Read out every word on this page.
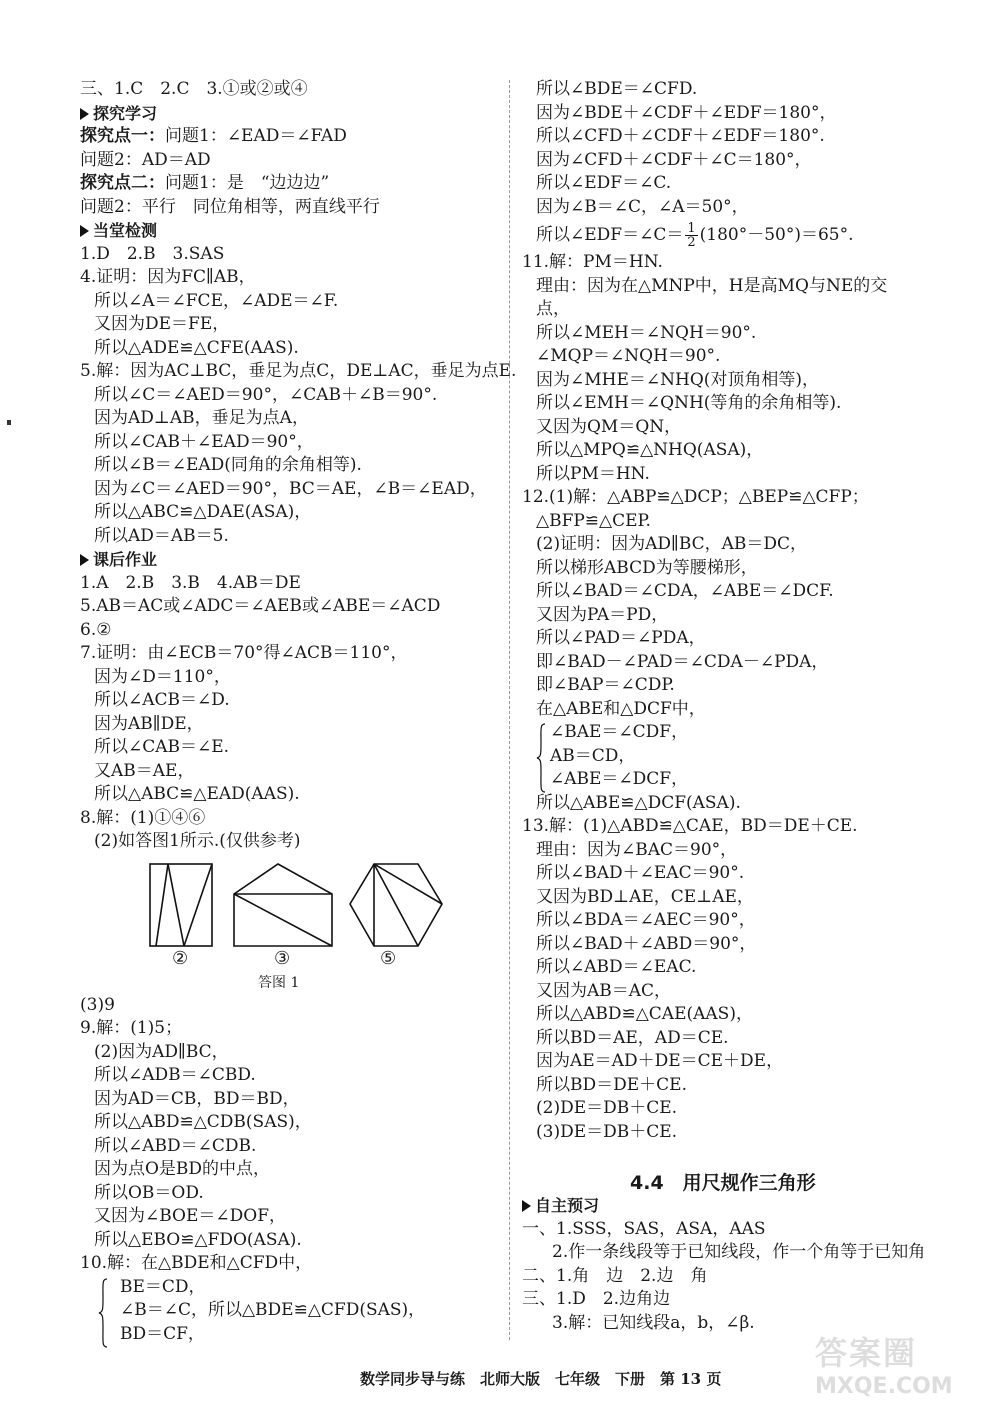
三、1.C　2.C　3.①或②或④
探究学习
探究点一：问题1：∠EAD＝∠FAD
问题2：AD＝AD
探究点二：问题1：是　“边边边”
问题2：平行　同位角相等，两直线平行
当堂检测
1.D　2.B　3.SAS
4.证明：因为FC∥AB，
所以∠A＝∠FCE，∠ADE＝∠F.
又因为DE＝FE，
所以△ADE≌△CFE(AAS).
5.解：因为AC⊥BC，垂足为点C，DE⊥AC，垂足为点E.
所以∠C＝∠AED＝90°，∠CAB＋∠B＝90°.
因为AD⊥AB，垂足为点A，
所以∠CAB＋∠EAD＝90°，
所以∠B＝∠EAD(同角的余角相等).
因为∠C＝∠AED＝90°，BC＝AE，∠B＝∠EAD，
所以△ABC≌△DAE(ASA)，
所以AD＝AB＝5.
课后作业
1.A　2.B　3.B　4.AB＝DE
5.AB＝AC或∠ADC＝∠AEB或∠ABE＝∠ACD
6.②
7.证明：由∠ECB＝70°得∠ACB＝110°，
因为∠D＝110°，
所以∠ACB＝∠D.
因为AB∥DE，
所以∠CAB＝∠E.
又AB＝AE，
所以△ABC≌△EAD(AAS).
8.解：(1)①④⑥
(2)如答图1所示.(仅供参考)
②	③	⑤
答图 1
(3)9
9.解：(1)5；
(2)因为AD∥BC，
所以∠ADB＝∠CBD.
因为AD＝CB，BD＝BD，
所以△ABD≌△CDB(SAS)，
所以∠ABD＝∠CDB.
因为点O是BD的中点，
所以OB＝OD.
又因为∠BOE＝∠DOF，
所以△EBO≌△FDO(ASA).
10.解：在△BDE和△CFD中，
BE＝CD，
∠B＝∠C，所以△BDE≌△CFD(SAS)，
BD＝CF，
所以∠BDE＝∠CFD.
因为∠BDE＋∠CDF＋∠EDF＝180°，
所以∠CFD＋∠CDF＋∠EDF＝180°.
因为∠CFD＋∠CDF＋∠C＝180°，
所以∠EDF＝∠C.
因为∠B＝∠C，∠A＝50°，
所以∠EDF＝∠C＝ $\frac{1}{2} (180^\circ-50^\circ)=65^\circ$.
11.解：PM＝HN.
理由：因为在△MNP中，H是高MQ与NE的交
点，
所以∠MEH＝∠NQH＝90°.
∠MQP＝∠NQH＝90°.
因为∠MHE＝∠NHQ(对顶角相等)，
所以∠EMH＝∠QNH(等角的余角相等).
又因为QM＝QN，
所以△MPQ≌△NHQ(ASA)，
所以PM＝HN.
12.(1)解：△ABP≌△DCP；△BEP≌△CFP；
△BFP≌△CEP.
(2)证明：因为AD∥BC，AB＝DC，
所以梯形ABCD为等腰梯形，
所以∠BAD＝∠CDA，∠ABE＝∠DCF.
又因为PA＝PD，
所以∠PAD＝∠PDA，
即∠BAD－∠PAD＝∠CDA－∠PDA，
即∠BAP＝∠CDP.
在△ABE和△DCF中，
∠BAE＝∠CDF，
AB＝CD，
∠ABE＝∠DCF，
所以△ABE≌△DCF(ASA).
13.解：(1)△ABD≌△CAE，BD＝DE＋CE.
理由：因为∠BAC＝90°，
所以∠BAD＋∠EAC＝90°.
又因为BD⊥AE，CE⊥AE，
所以∠BDA＝∠AEC＝90°，
所以∠BAD＋∠ABD＝90°，
所以∠ABD＝∠EAC.
又因为AB＝AC，
所以△ABD≌△CAE(AAS)，
所以BD＝AE，AD＝CE.
因为AE＝AD＋DE＝CE＋DE，
所以BD＝DE＋CE.
(2)DE＝DB＋CE.
(3)DE＝DB＋CE.
4.4　用尺规作三角形
自主预习
一、1.SSS，SAS，ASA，AAS
2.作一条线段等于已知线段，作一个角等于已知角
二、1.角　边　2.边　角
三、1.D　2.边角边
3.解：已知线段a，b，∠β.
数学同步导与练　北师大版　七年级　下册　第 13 页
答案圈
MXQE.COM
